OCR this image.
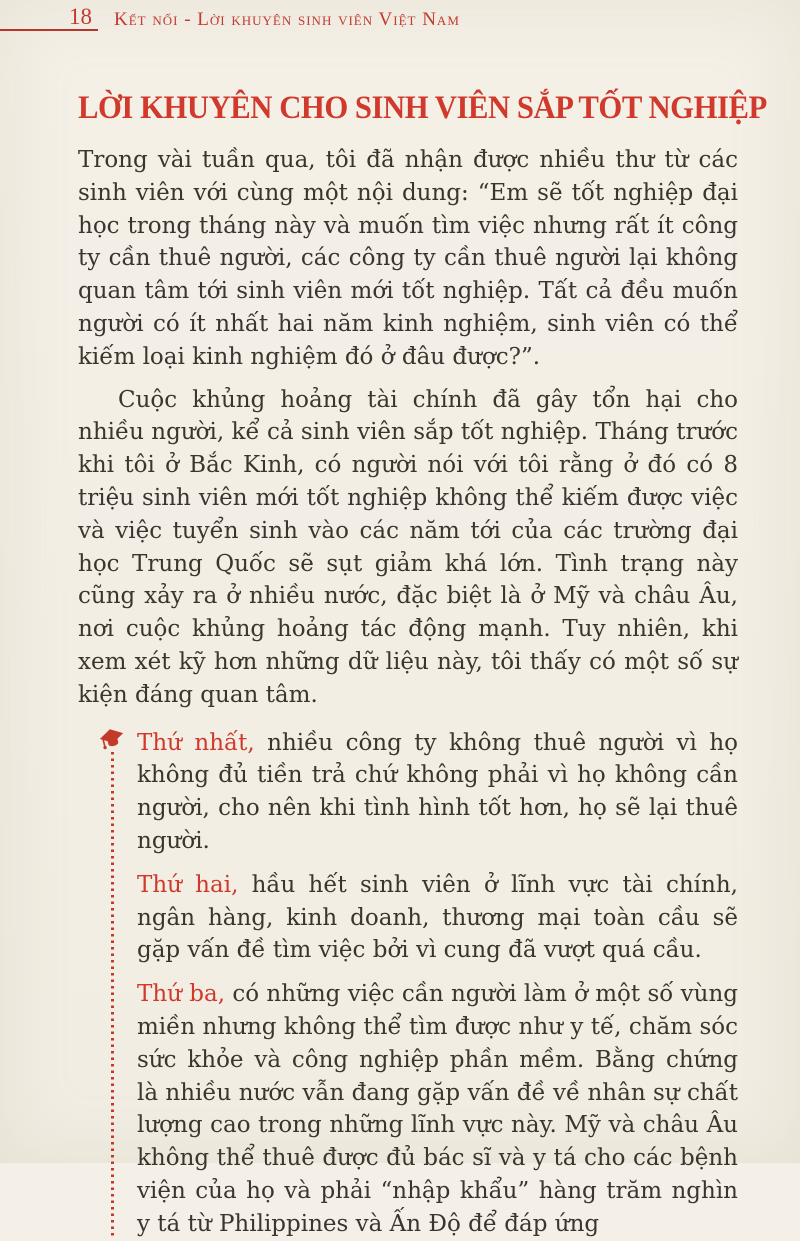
18 Kết nối - Lời khuyên sinh viên Việt Nam
LỜI KHUYÊN CHO SINH VIÊN SẮP TỐT NGHIỆP

Trong vài tuần qua, tôi đã nhận được nhiều thư từ các sinh viên với cùng một nội dung: “Em sẽ tốt nghiệp đại học trong tháng này và muốn tìm việc nhưng rất ít công ty cần thuê người, các công ty cần thuê người lại không quan tâm tới sinh viên mới tốt nghiệp. Tất cả đều muốn người có ít nhất hai năm kinh nghiệm, sinh viên có thể kiếm loại kinh nghiệm đó ở đâu được?”.

Cuộc khủng hoảng tài chính đã gây tổn hại cho nhiều người, kể cả sinh viên sắp tốt nghiệp. Tháng trước khi tôi ở Bắc Kinh, có người nói với tôi rằng ở đó có 8 triệu sinh viên mới tốt nghiệp không thể kiếm được việc và việc tuyển sinh vào các năm tới của các trường đại học Trung Quốc sẽ sụt giảm khá lớn. Tình trạng này cũng xảy ra ở nhiều nước, đặc biệt là ở Mỹ và châu Âu, nơi cuộc khủng hoảng tác động mạnh. Tuy nhiên, khi xem xét kỹ hơn những dữ liệu này, tôi thấy có một số sự kiện đáng quan tâm.

Thứ nhất, nhiều công ty không thuê người vì họ không đủ tiền trả chứ không phải vì họ không cần người, cho nên khi tình hình tốt hơn, họ sẽ lại thuê người.

Thứ hai, hầu hết sinh viên ở lĩnh vực tài chính, ngân hàng, kinh doanh, thương mại toàn cầu sẽ gặp vấn đề tìm việc bởi vì cung đã vượt quá cầu.

Thứ ba, có những việc cần người làm ở một số vùng miền nhưng không thể tìm được như y tế, chăm sóc sức khỏe và công nghiệp phần mềm. Bằng chứng là nhiều nước vẫn đang gặp vấn đề về nhân sự chất lượng cao trong những lĩnh vực này. Mỹ và châu Âu không thể thuê được đủ bác sĩ và y tá cho các bệnh viện của họ và phải “nhập khẩu” hàng trăm nghìn y tá từ Philippines và Ấn Độ để đáp ứng
